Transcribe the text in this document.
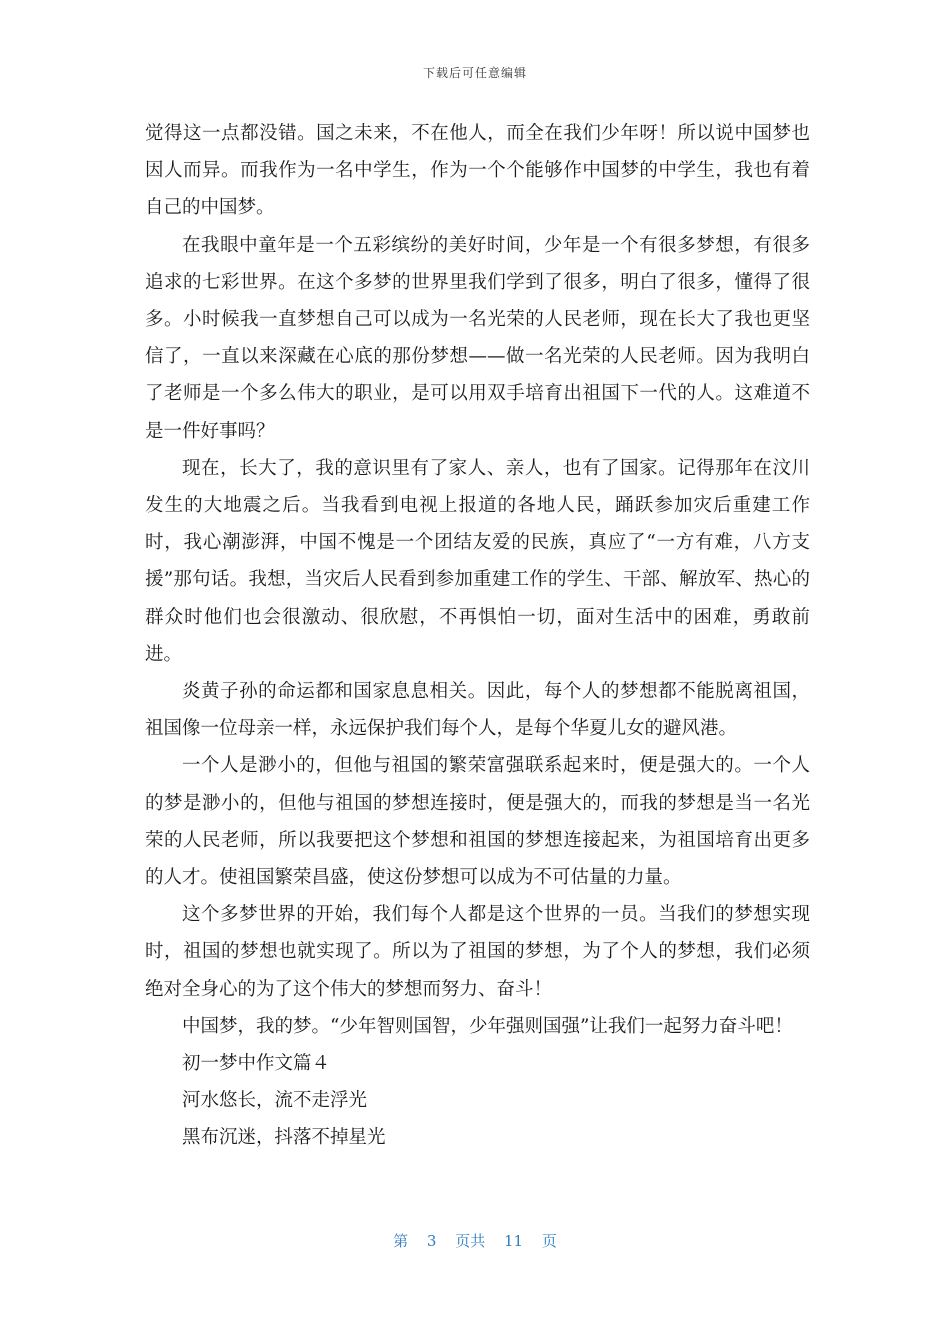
下载后可任意编辑

觉得这一点都没错。国之未来，不在他人，而全在我们少年呀！所以说中国梦也因人而异。而我作为一名中学生，作为一个个能够作中国梦的中学生，我也有着自己的中国梦。

在我眼中童年是一个五彩缤纷的美好时间，少年是一个有很多梦想，有很多追求的七彩世界。在这个多梦的世界里我们学到了很多，明白了很多，懂得了很多。小时候我一直梦想自己可以成为一名光荣的人民老师，现在长大了我也更坚信了，一直以来深藏在心底的那份梦想——做一名光荣的人民老师。因为我明白了老师是一个多么伟大的职业，是可以用双手培育出祖国下一代的人。这难道不是一件好事吗？

现在，长大了，我的意识里有了家人、亲人，也有了国家。记得那年在汶川发生的大地震之后。当我看到电视上报道的各地人民，踊跃参加灾后重建工作时，我心潮澎湃，中国不愧是一个团结友爱的民族，真应了“一方有难，八方支援”那句话。我想，当灾后人民看到参加重建工作的学生、干部、解放军、热心的群众时他们也会很激动、很欣慰，不再惧怕一切，面对生活中的困难，勇敢前进。

炎黄子孙的命运都和国家息息相关。因此，每个人的梦想都不能脱离祖国，祖国像一位母亲一样，永远保护我们每个人，是每个华夏儿女的避风港。

一个人是渺小的，但他与祖国的繁荣富强联系起来时，便是强大的。一个人的梦是渺小的，但他与祖国的梦想连接时，便是强大的，而我的梦想是当一名光荣的人民老师，所以我要把这个梦想和祖国的梦想连接起来，为祖国培育出更多的人才。使祖国繁荣昌盛，使这份梦想可以成为不可估量的力量。

这个多梦世界的开始，我们每个人都是这个世界的一员。当我们的梦想实现时，祖国的梦想也就实现了。所以为了祖国的梦想，为了个人的梦想，我们必须绝对全身心的为了这个伟大的梦想而努力、奋斗！

中国梦，我的梦。“少年智则国智，少年强则国强”让我们一起努力奋斗吧！

初一梦中作文篇４

河水悠长，流不走浮光

黑布沉迷，抖落不掉星光

第 3 页共 11 页
